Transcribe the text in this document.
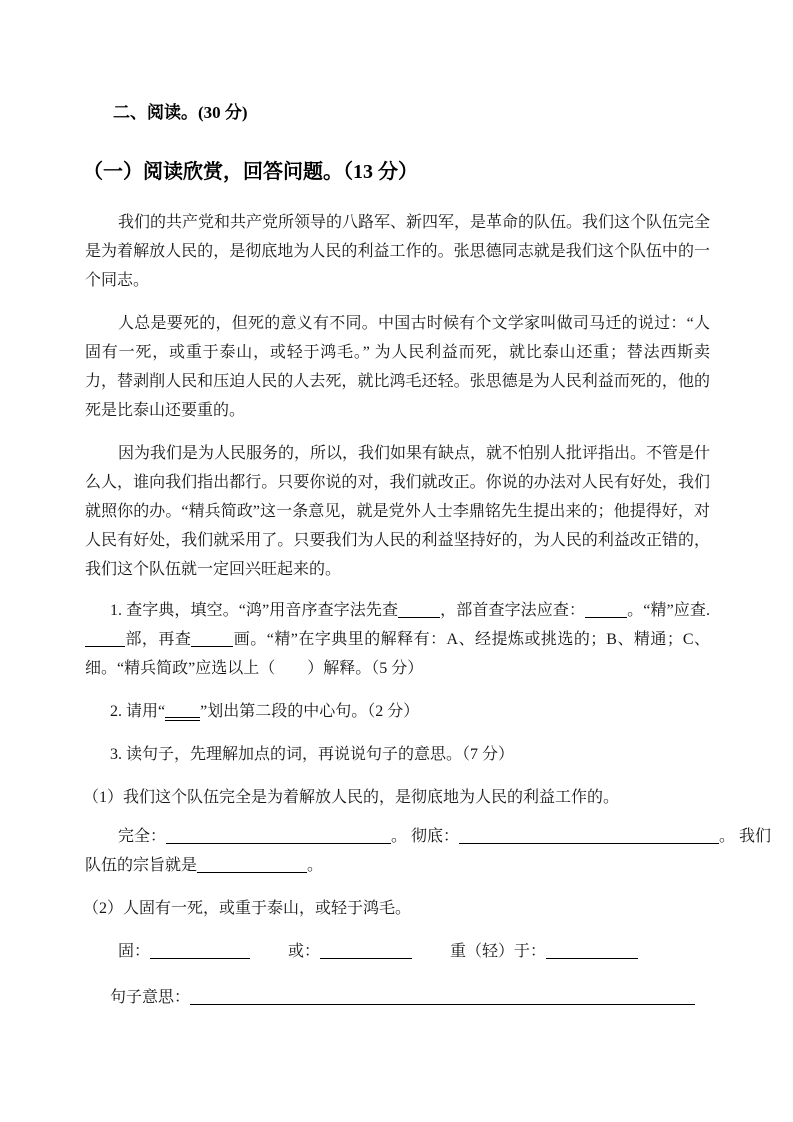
二、阅读。(30 分)
（一）阅读欣赏，回答问题。（13 分）

我们的共产党和共产党所领导的八路军、新四军，是革命的队伍。我们这个队伍完全是为着解放人民的，是彻底地为人民的利益工作的。张思德同志就是我们这个队伍中的一个同志。

人总是要死的，但死的意义有不同。中国古时候有个文学家叫做司马迁的说过：“人固有一死，或重于泰山，或轻于鸿毛。” 为人民利益而死，就比泰山还重；替法西斯卖力，替剥削人民和压迫人民的人去死，就比鸿毛还轻。张思德是为人民利益而死的，他的死是比泰山还要重的。

因为我们是为人民服务的，所以，我们如果有缺点，就不怕别人批评指出。不管是什么人，谁向我们指出都行。只要你说的对，我们就改正。你说的办法对人民有好处，我们就照你的办。“精兵简政”这一条意见，就是党外人士李鼎铭先生提出来的；他提得好，对人民有好处，我们就采用了。只要我们为人民的利益坚持好的，为人民的利益改正错的，我们这个队伍就一定回兴旺起来的。

1. 查字典，填空。“鸿”用音序查字法先查	，部首查字法应查：	。“精”应查.部，再查	画。“精”在字典里的解释有：A、经提炼或挑选的；B、精通；C、细。“精兵简政”应选以上（　　）解释。（5 分）

2. 请用“ ”划出第二段的中心句。（2 分）

3. 读句子，先理解加点的词，再说说句子的意思。（7 分）

（1）我们这个队伍完全是为着解放人民的，是彻底地为人民的利益工作的。

完全：	。 彻底：	。 我们队伍的宗旨就是	。

（2）人固有一死，或重于泰山，或轻于鸿毛。

固：	或：	重（轻）于：

句子意思：
